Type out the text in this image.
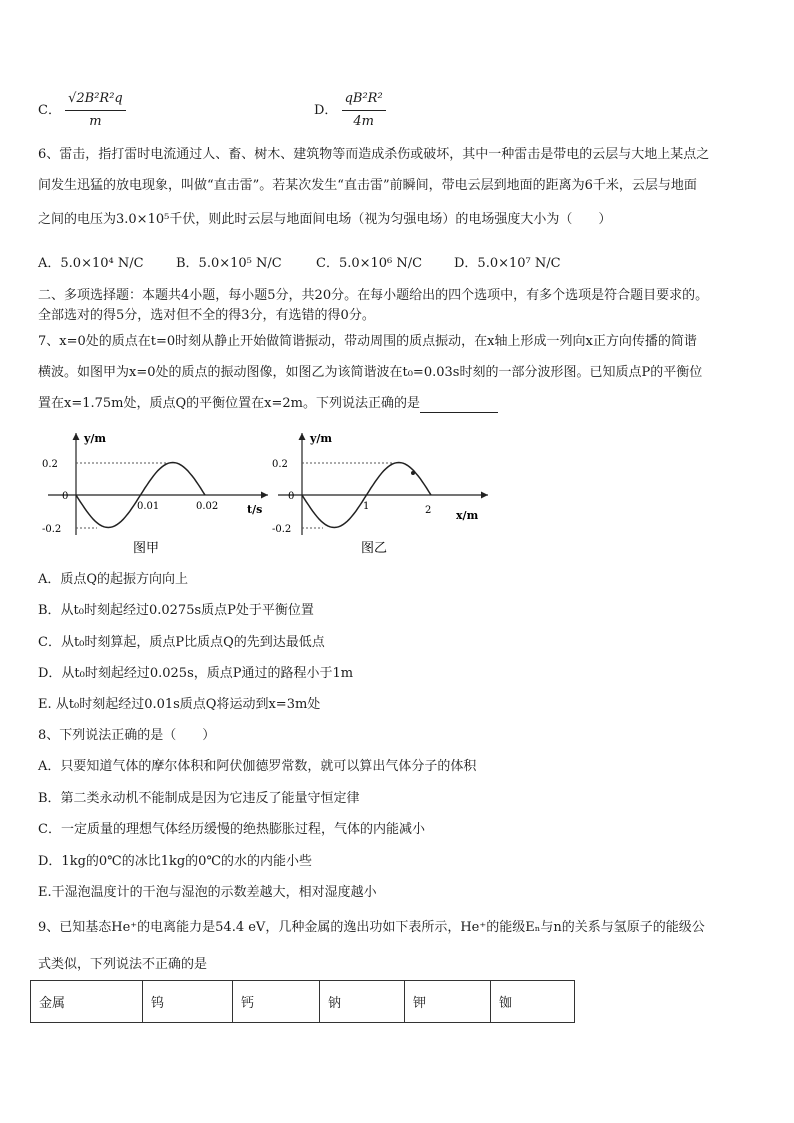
C． $\frac{\text{√2B²R²q}}{m}$	D． $\frac{\text{qB²R²}}{4m}$
6、雷击，指打雷时电流通过人、畜、树木、建筑物等而造成杀伤或破坏，其中一种雷击是带电的云层与大地上某点之
间发生迅猛的放电现象，叫做“直击雷”。若某次发生“直击雷”前瞬间，带电云层到地面的距离为6千米，云层与地面
之间的电压为3.0×10⁵千伏，则此时云层与地面间电场（视为匀强电场）的电场强度大小为（　　）
A．5.0×10⁴ N/C B．5.0×10⁵ N/C	C．5.0×10⁶ N/C D．5.0×10⁷ N/C
二、多项选择题：本题共4小题，每小题5分，共20分。在每小题给出的四个选项中，有多个选项是符合题目要求的。
全部选对的得5分，选对但不全的得3分，有选错的得0分。
7、x=0处的质点在t=0时刻从静止开始做简谐振动，带动周围的质点振动，在x轴上形成一列向x正方向传播的简谐
横波。如图甲为x=0处的质点的振动图像，如图乙为该简谐波在t₀=0.03s时刻的一部分波形图。已知质点P的平衡位
置在x=1.75m处，质点Q的平衡位置在x=2m。下列说法正确的是
y/m
0.2
0
-0.2
0.01	0.02	t/s
图甲
y/m
0.2
0
-0.2
1	2 x/m
图乙
A．质点Q的起振方向向上
B．从t₀时刻起经过0.0275s质点P处于平衡位置
C．从t₀时刻算起，质点P比质点Q的先到达最低点
D．从t₀时刻起经过0.025s，质点P通过的路程小于1m
E. 从t₀时刻起经过0.01s质点Q将运动到x=3m处
8、下列说法正确的是（　　）
A．只要知道气体的摩尔体积和阿伏伽德罗常数，就可以算出气体分子的体积
B．第二类永动机不能制成是因为它违反了能量守恒定律
C．一定质量的理想气体经历缓慢的绝热膨胀过程，气体的内能减小
D．1kg的0℃的冰比1kg的0℃的水的内能小些
E.干湿泡温度计的干泡与湿泡的示数差越大，相对湿度越小
9、已知基态He⁺的电离能力是54.4 eV，几种金属的逸出功如下表所示，He⁺的能级Eₙ与n的关系与氢原子的能级公
式类似，下列说法不正确的是
金属	钨	钙	钠	钾	铷
